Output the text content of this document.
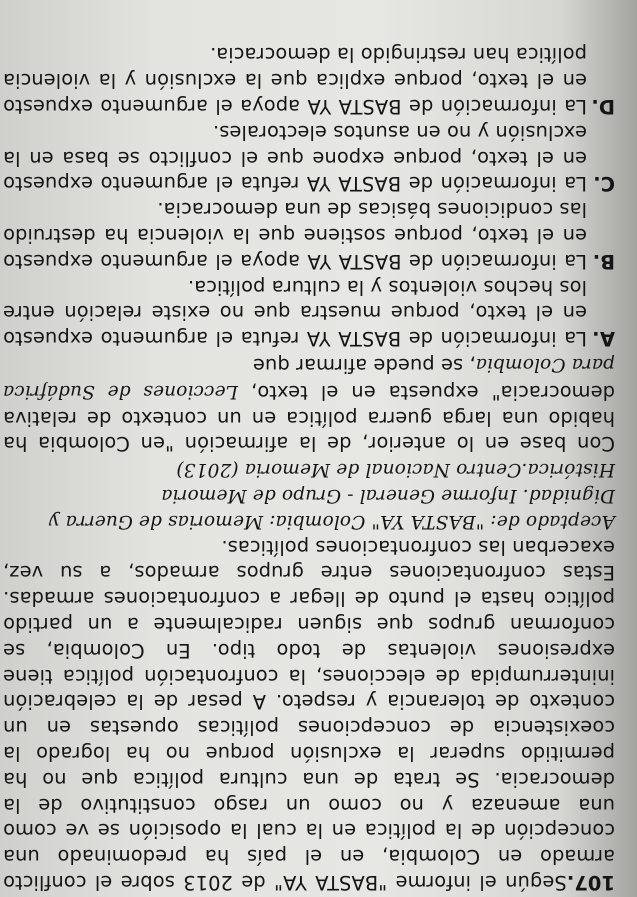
107.Según el informe "BASTA YA" de 2013 sobre el conflicto armado en Colombia, en el país ha predominado una concepción de la política en la cual la oposición se ve como una amenaza y no como un rasgo constitutivo de la democracia. Se trata de una cultura política que no ha permitido superar la exclusión porque no ha logrado la coexistencia de concepciones políticas opuestas en un contexto de tolerancia y respeto. A pesar de la celebración ininterrumpida de elecciones, la confrontación política tiene expresiones violentas de todo tipo. En Colombia, se conforman grupos que siguen radicalmente a un partido político hasta el punto de llegar a confrontaciones armadas. Estas confrontaciones entre grupos armados, a su vez, exacerban las confrontaciones políticas.

Aceptado de: "BASTA YA" Colombia: Memorias de Guerra y Dignidad. Informe General - Grupo de Memoria Histórica.Centro Nacional de Memoria (2013)

Con base en lo anterior, de la afirmación "en Colombia ha habido una larga guerra política en un contexto de relativa democracia" expuesta en el texto, Lecciones de Sudáfrica para Colombia, se puede afirmar que

A.La información de BASTA YA refuta el argumento expuesto en el texto, porque muestra que no existe relación entre los hechos violentos y la cultura política.

B.La información de BASTA YA apoya el argumento expuesto en el texto, porque sostiene que la violencia ha destruido las condiciones básicas de una democracia.

C.La información de BASTA YA refuta el argumento expuesto en el texto, porque expone que el conflicto se basa en la exclusión y no en asuntos electorales.

D.La información de BASTA YA apoya el argumento expuesto en el texto, porque explica que la exclusión y la violencia política han restringido la democracia.
